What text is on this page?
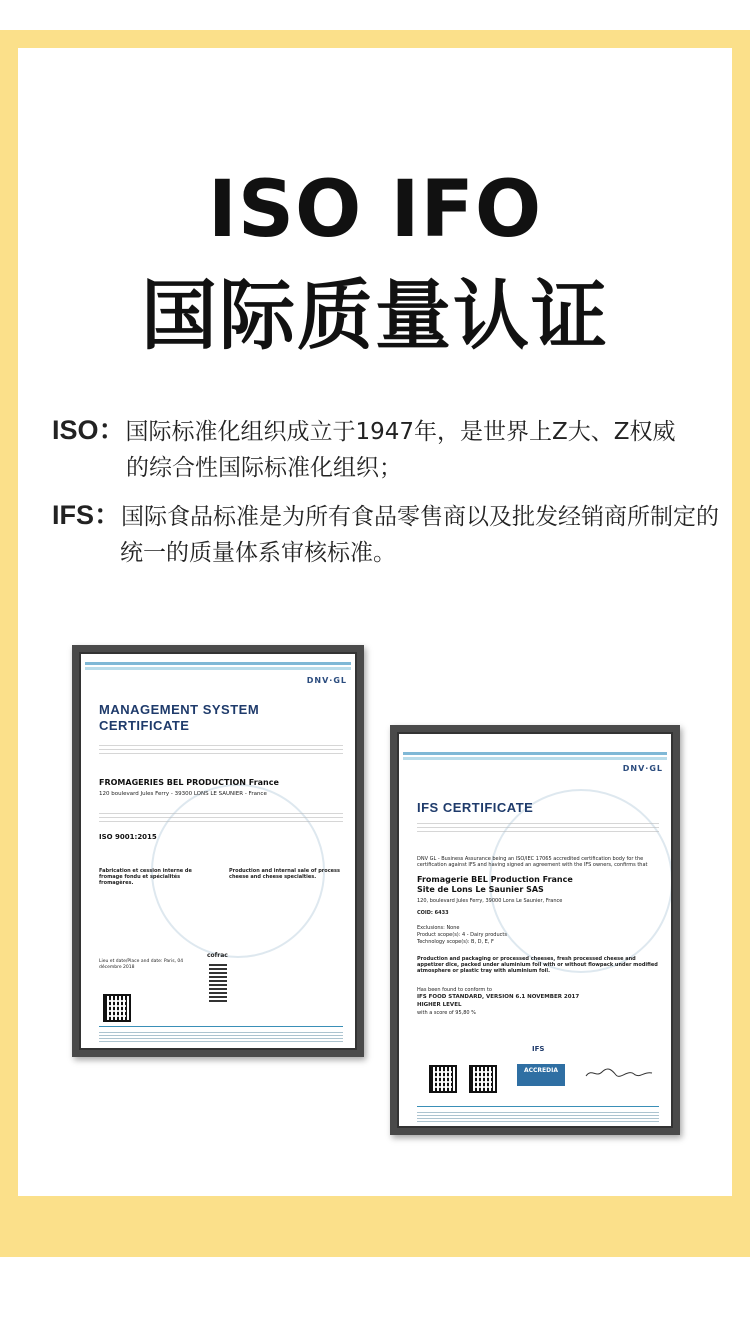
ISO IFO
国际质量认证
ISO：国际标准化组织成立于1947年，是世界上Z大、Z权威
的综合性国际标准化组织；
IFS：国际食品标准是为所有食品零售商以及批发经销商所制定的
统一的质量体系审核标准。
DNV·GL
MANAGEMENT SYSTEM
CERTIFICATE
FROMAGERIES BEL PRODUCTION France
120 boulevard Jules Ferry - 39300 LONS LE SAUNIER - France
ISO 9001:2015
Fabrication et cession interne de fromage fondu et spécialités fromagères.
Production and internal sale of process cheese and cheese specialties.
Lieu et date/Place and date: Paris, 04 décembre 2018
cofrac
DNV·GL
IFS CERTIFICATE
DNV GL - Business Assurance being an ISO/IEC 17065 accredited certification body for the certification against IFS and having signed an agreement with the IFS owners, confirms that
Fromagerie BEL Production France
Site de Lons Le Saunier SAS
120, boulevard Jules Ferry, 39000 Lons Le Saunier, France
COID: 6433
Exclusions: None
Product scope(s): 4 - Dairy products
Technology scope(s): B, D, E, F
Production and packaging or processed cheeses, fresh processed cheese and appetizer dice, packed under aluminium foil with or without flowpack under modified atmosphere or plastic tray with aluminium foil.
Has been found to conform to
IFS FOOD STANDARD, VERSION 6.1 NOVEMBER 2017
HIGHER LEVEL
with a score of 95,80 %
IFS
ACCREDIA
